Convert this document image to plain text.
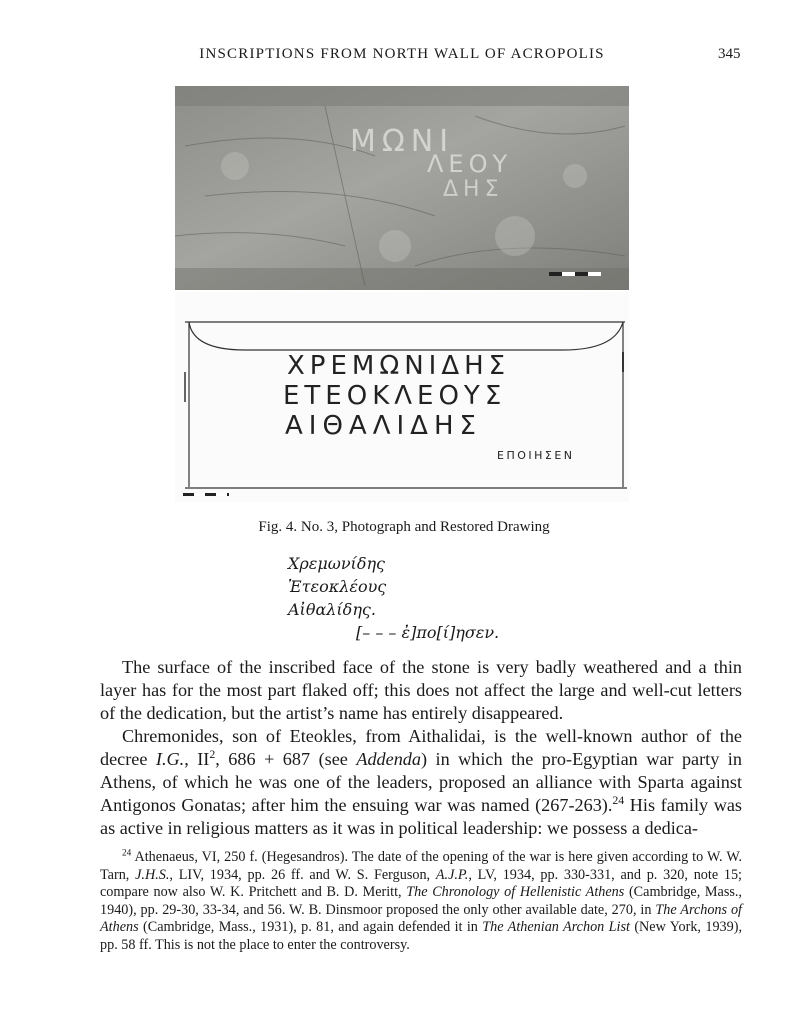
INSCRIPTIONS FROM NORTH WALL OF ACROPOLIS	345
ΜΩΝΙ
ΛΕΟΥ
ΔΗΣ
ΧΡΕΜΩΝΙΔΗΣ
ΕΤΕΟΚΛΕΟΥΣ
ΑΙΘΑΛΙΔΗΣ
ΕΠΟΙΗΣΕΝ
Fig. 4. No. 3, Photograph and Restored Drawing
Χρεμωνίδης
Ἐτεοκλέους
Αἰθαλίδης.
[– – – ἐ]πο[ί]ησεν.

The surface of the inscribed face of the stone is very badly weathered and a thin layer has for the most part flaked off; this does not affect the large and well-cut letters of the dedication, but the artist’s name has entirely disappeared.

Chremonides, son of Eteokles, from Aithalidai, is the well-known author of the decree I.G., $II^2$, 686 + 687 (see Addenda) in which the pro-Egyptian war party in Athens, of which he was one of the leaders, proposed an alliance with Sparta against Antigonos Gonatas; after him the ensuing war was named (267-263).$^{24}$ His family was as active in religious matters as it was in political leadership: we possess a dedica-

$^{24}$ Athenaeus, VI, 250 f. (Hegesandros). The date of the opening of the war is here given according to W. W. Tarn, J.H.S., LIV, 1934, pp. 26 ff. and W. S. Ferguson, A.J.P., LV, 1934, pp. 330-331, and p. 320, note 15; compare now also W. K. Pritchett and B. D. Meritt, The Chronology of Hellenistic Athens (Cambridge, Mass., 1940), pp. 29-30, 33-34, and 56. W. B. Dinsmoor proposed the only other available date, 270, in The Archons of Athens (Cambridge, Mass., 1931), p. 81, and again defended it in The Athenian Archon List (New York, 1939), pp. 58 ff. This is not the place to enter the controversy.
